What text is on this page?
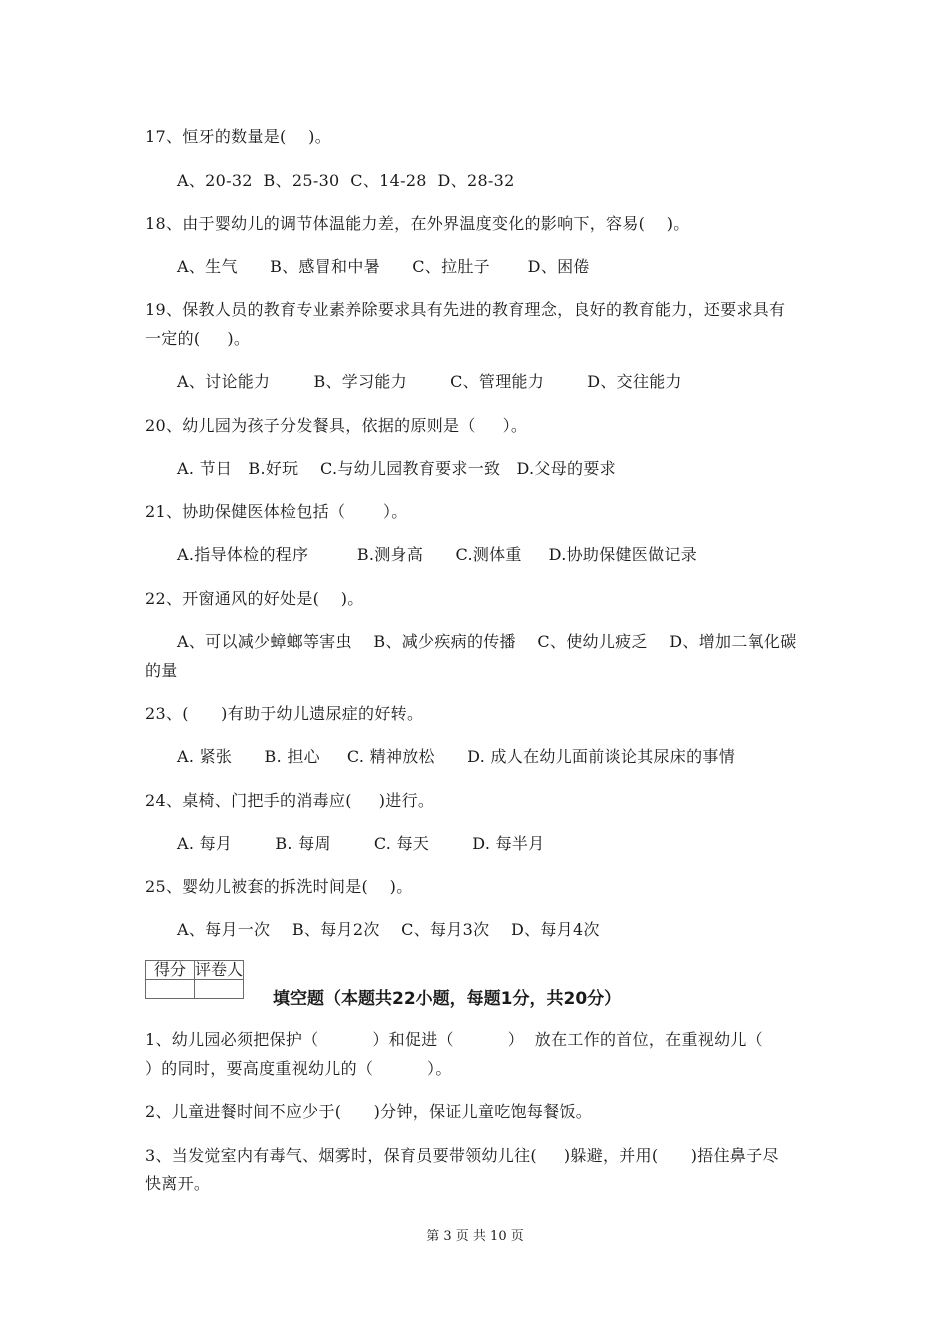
17、恒牙的数量是(    )。
A、20-32  B、25-30  C、14-28  D、28-32
18、由于婴幼儿的调节体温能力差，在外界温度变化的影响下，容易(    )。
A、生气      B、感冒和中暑      C、拉肚子       D、困倦
19、保教人员的教育专业素养除要求具有先进的教育理念，良好的教育能力，还要求具有
一定的(     )。
A、讨论能力        B、学习能力        C、管理能力        D、交往能力
20、幼儿园为孩子分发餐具，依据的原则是（     ）。
A. 节日   B.好玩    C.与幼儿园教育要求一致   D.父母的要求
21、协助保健医体检包括（       ）。
A.指导体检的程序         B.测身高      C.测体重     D.协助保健医做记录
22、开窗通风的好处是(    )。
A、可以减少蟑螂等害虫    B、减少疾病的传播    C、使幼儿疲乏    D、增加二氧化碳
的量
23、(      )有助于幼儿遗尿症的好转。
A. 紧张      B. 担心     C. 精神放松      D. 成人在幼儿面前谈论其尿床的事情
24、桌椅、门把手的消毒应(     )进行。
A. 每月        B. 每周        C. 每天        D. 每半月
25、婴幼儿被套的拆洗时间是(    )。
A、每月一次    B、每月2次    C、每月3次    D、每月4次
得分	评卷人

填空题（本题共22小题，每题1分，共20分）
1、幼儿园必须把保护（          ）和促进（          ）  放在工作的首位，在重视幼儿（
）的同时，要高度重视幼儿的（          ）。
2、儿童进餐时间不应少于(      )分钟，保证儿童吃饱每餐饭。
3、当发觉室内有毒气、烟雾时，保育员要带领幼儿往(     )躲避，并用(      )捂住鼻子尽
快离开。
第 3 页 共 10 页
